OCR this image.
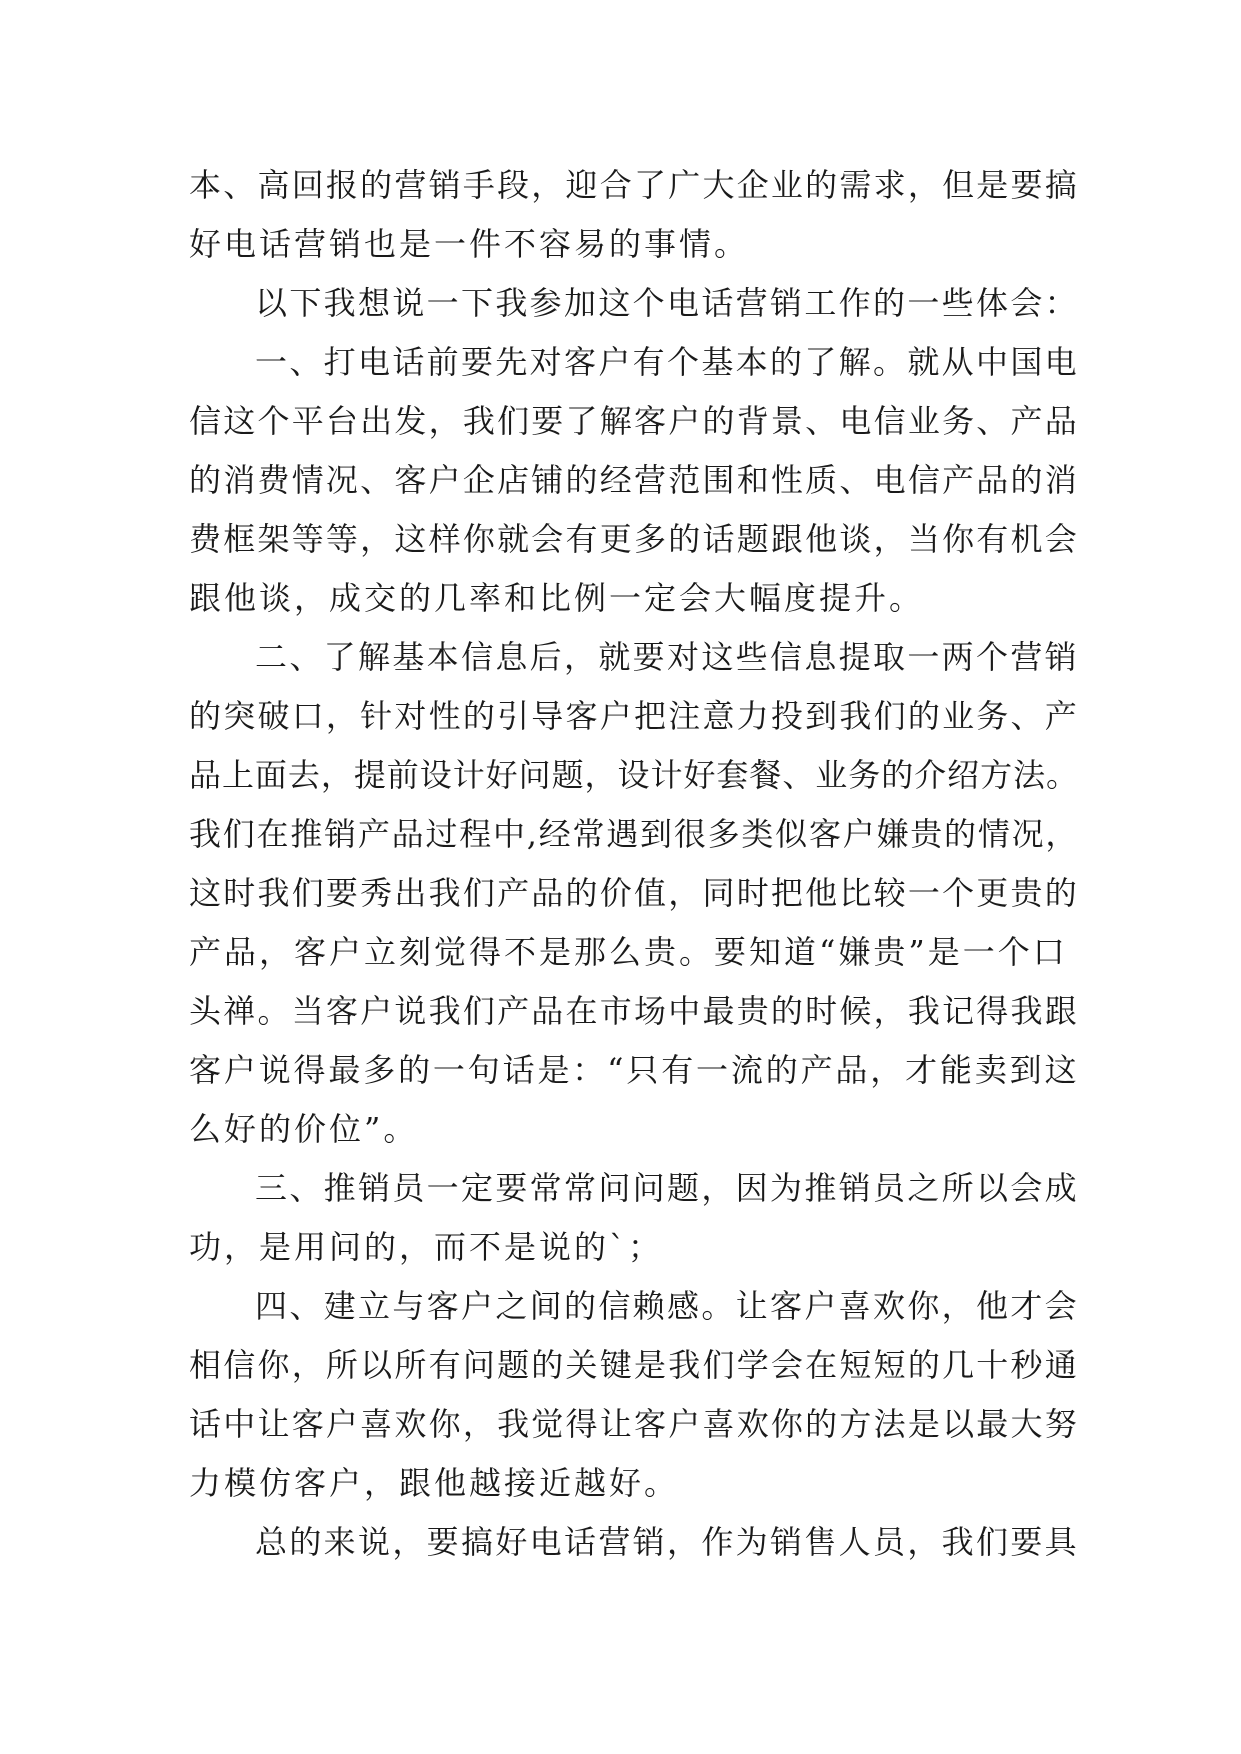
本、高回报的营销手段，迎合了广大企业的需求，但是要搞
好电话营销也是一件不容易的事情。
以下我想说一下我参加这个电话营销工作的一些体会：
一、打电话前要先对客户有个基本的了解。就从中国电
信这个平台出发，我们要了解客户的背景、电信业务、产品
的消费情况、客户企店铺的经营范围和性质、电信产品的消
费框架等等，这样你就会有更多的话题跟他谈，当你有机会
跟他谈，成交的几率和比例一定会大幅度提升。
二、了解基本信息后，就要对这些信息提取一两个营销
的突破口，针对性的引导客户把注意力投到我们的业务、产
品上面去，提前设计好问题，设计好套餐、业务的介绍方法。
我们在推销产品过程中,经常遇到很多类似客户嫌贵的情况，
这时我们要秀出我们产品的价值，同时把他比较一个更贵的
产品，客户立刻觉得不是那么贵。要知道“嫌贵”是一个口
头禅。当客户说我们产品在市场中最贵的时候，我记得我跟
客户说得最多的一句话是：“只有一流的产品，才能卖到这
么好的价位”。
三、推销员一定要常常问问题，因为推销员之所以会成
功，是用问的，而不是说的`；
四、建立与客户之间的信赖感。让客户喜欢你，他才会
相信你，所以所有问题的关键是我们学会在短短的几十秒通
话中让客户喜欢你，我觉得让客户喜欢你的方法是以最大努
力模仿客户，跟他越接近越好。
总的来说，要搞好电话营销，作为销售人员，我们要具
